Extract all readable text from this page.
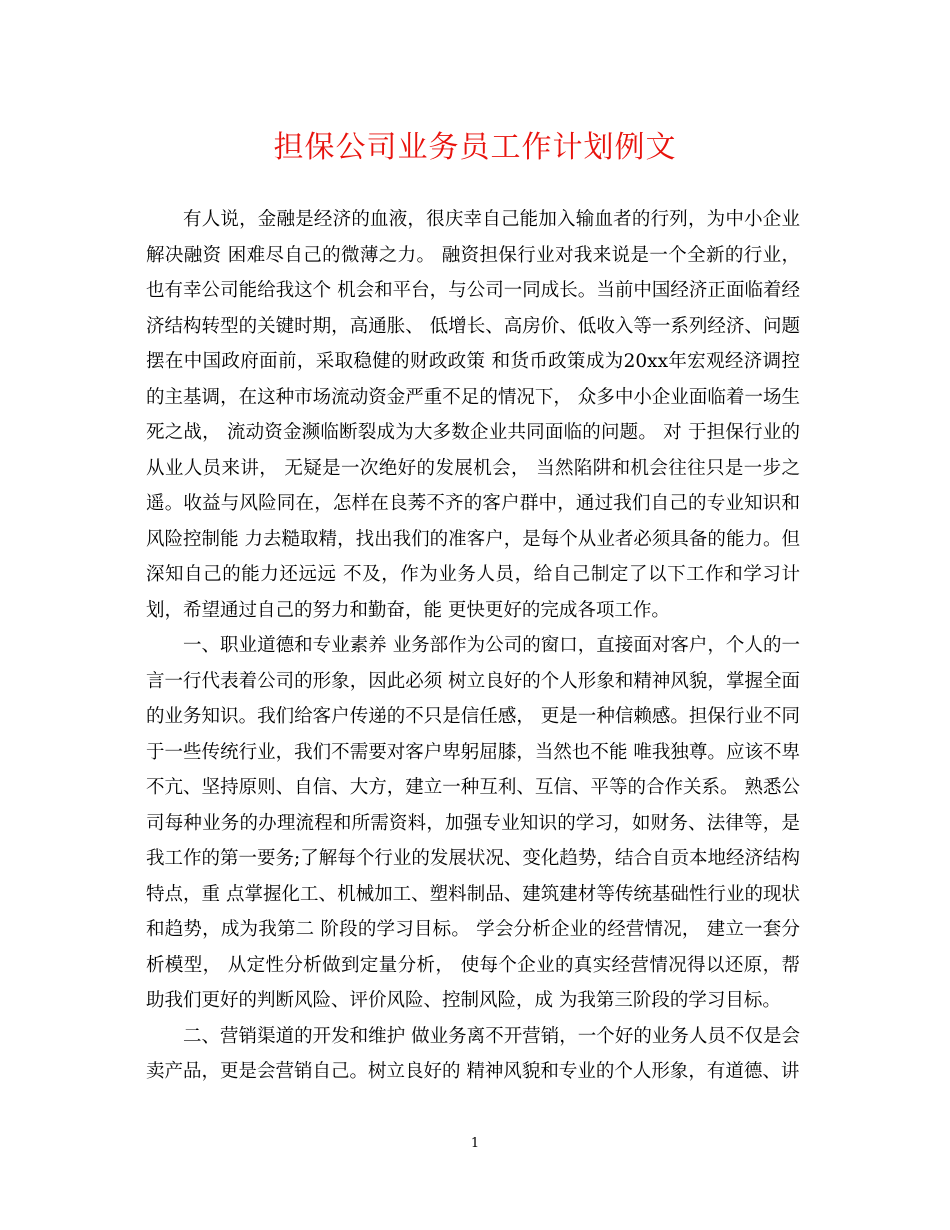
担保公司业务员工作计划例文

有人说，金融是经济的血液，很庆幸自己能加入输血者的行列，为中小企业解决融资 困难尽自己的微薄之力。 融资担保行业对我来说是一个全新的行业，也有幸公司能给我这个 机会和平台，与公司一同成长。当前中国经济正面临着经济结构转型的关键时期，高通胀、 低增长、高房价、低收入等一系列经济、问题摆在中国政府面前，采取稳健的财政政策 和货币政策成为20xx年宏观经济调控的主基调，在这种市场流动资金严重不足的情况下， 众多中小企业面临着一场生死之战， 流动资金濒临断裂成为大多数企业共同面临的问题。 对 于担保行业的从业人员来讲， 无疑是一次绝好的发展机会， 当然陷阱和机会往往只是一步之遥。收益与风险同在，怎样在良莠不齐的客户群中，通过我们自己的专业知识和风险控制能 力去糙取精，找出我们的准客户，是每个从业者必须具备的能力。但深知自己的能力还远远 不及，作为业务人员，给自己制定了以下工作和学习计划，希望通过自己的努力和勤奋，能 更快更好的完成各项工作。

一、职业道德和专业素养 业务部作为公司的窗口，直接面对客户，个人的一言一行代表着公司的形象，因此必须 树立良好的个人形象和精神风貌，掌握全面的业务知识。我们给客户传递的不只是信任感， 更是一种信赖感。担保行业不同于一些传统行业，我们不需要对客户卑躬屈膝，当然也不能 唯我独尊。应该不卑不亢、坚持原则、自信、大方，建立一种互利、互信、平等的合作关系。 熟悉公司每种业务的办理流程和所需资料，加强专业知识的学习，如财务、法律等，是我工作的第一要务;了解每个行业的发展状况、变化趋势，结合自贡本地经济结构特点，重 点掌握化工、机械加工、塑料制品、建筑建材等传统基础性行业的现状和趋势，成为我第二 阶段的学习目标。 学会分析企业的经营情况， 建立一套分析模型， 从定性分析做到定量分析， 使每个企业的真实经营情况得以还原，帮助我们更好的判断风险、评价风险、控制风险，成 为我第三阶段的学习目标。

二、营销渠道的开发和维护 做业务离不开营销，一个好的业务人员不仅是会卖产品，更是会营销自己。树立良好的 精神风貌和专业的个人形象，有道德、讲

1
